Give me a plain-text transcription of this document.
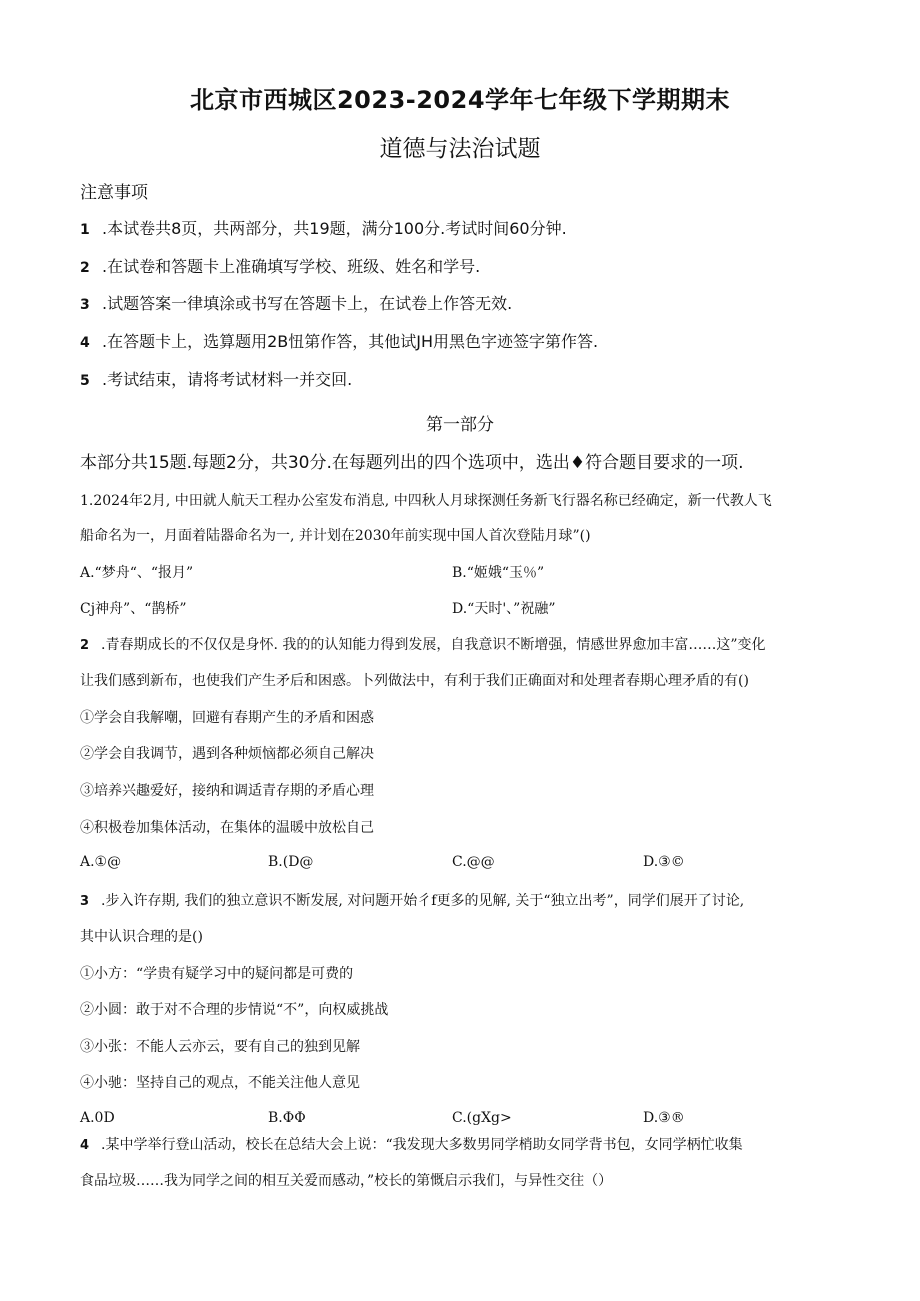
北京市西城区2023-2024学年七年级下学期期末
道德与法治试题
注意事项
1 .本试卷共8页，共两部分，共19题，满分100分.考试时间60分钟.
2 .在试卷和答题卡上准确填写学校、班级、姓名和学号.
3 .试题答案一律填涂或书写在答题卡上，在试卷上作答无效.
4 .在答题卡上，选算题用2B忸第作答，其他试JH用黑色字迹签字第作答.
5 .考试结束，请将考试材料一并交回.
第一部分
本部分共15题.每题2分，共30分.在每题列出的四个选项中，选出♦符合题目要求的一项.
1.2024年2月, 中田就人航天工程办公室发布消息, 中四秋人月球探测任务新飞行器名称已经确定，新一代教人飞
船命名为一，月面着陆器命名为一, 并计划在2030年前实现中国人首次登陆月球”()
A.“梦舟“、“报月”	B.“姬娥“玉％”
Cj神舟”、“鹊桥”	D.“天时'、”祝融”
2 .青春期成长的不仅仅是身怀. 我的的认知能力得到发展，自我意识不断增强，情感世界愈加丰富……这”变化
让我们感到新布，也使我们产生矛后和困惑。卜列做法中，有利于我们正确面对和处理者春期心理矛盾的有()
①学会自我解嘲，回避有春期产生的矛盾和困惑
②学会自我调节，遇到各种烦恼都必须自己解决
③培养兴趣爱好，接纳和调适青存期的矛盾心理
④积极卷加集体活动，在集体的温暖中放松自己
A.①@	B.(D@	C.@@	D.③©
3 .步入许存期, 我们的独立意识不断发展, 对问题开始彳f更多的见解, 关于“独立出考”，同学们展开了讨论,
其中认识合理的是()
①小方：“学贵有疑学习中的疑问都是可费的
②小圆：敢于对不合理的步情说“不”，向权威挑战
③小张：不能人云亦云，要有自己的独到见解
④小驰：坚持自己的观点，不能关注他人意见
A.0D	B.ΦΦ	C.(gXg>	D.③®
4 .某中学举行登山活动，校长在总结大会上说：“我发现大多数男同学梢助女同学背书包，女同学柄忙收集
食品垃圾……我为同学之间的相互关爱而感动，”校长的第慨启示我们，与异性交往（）
